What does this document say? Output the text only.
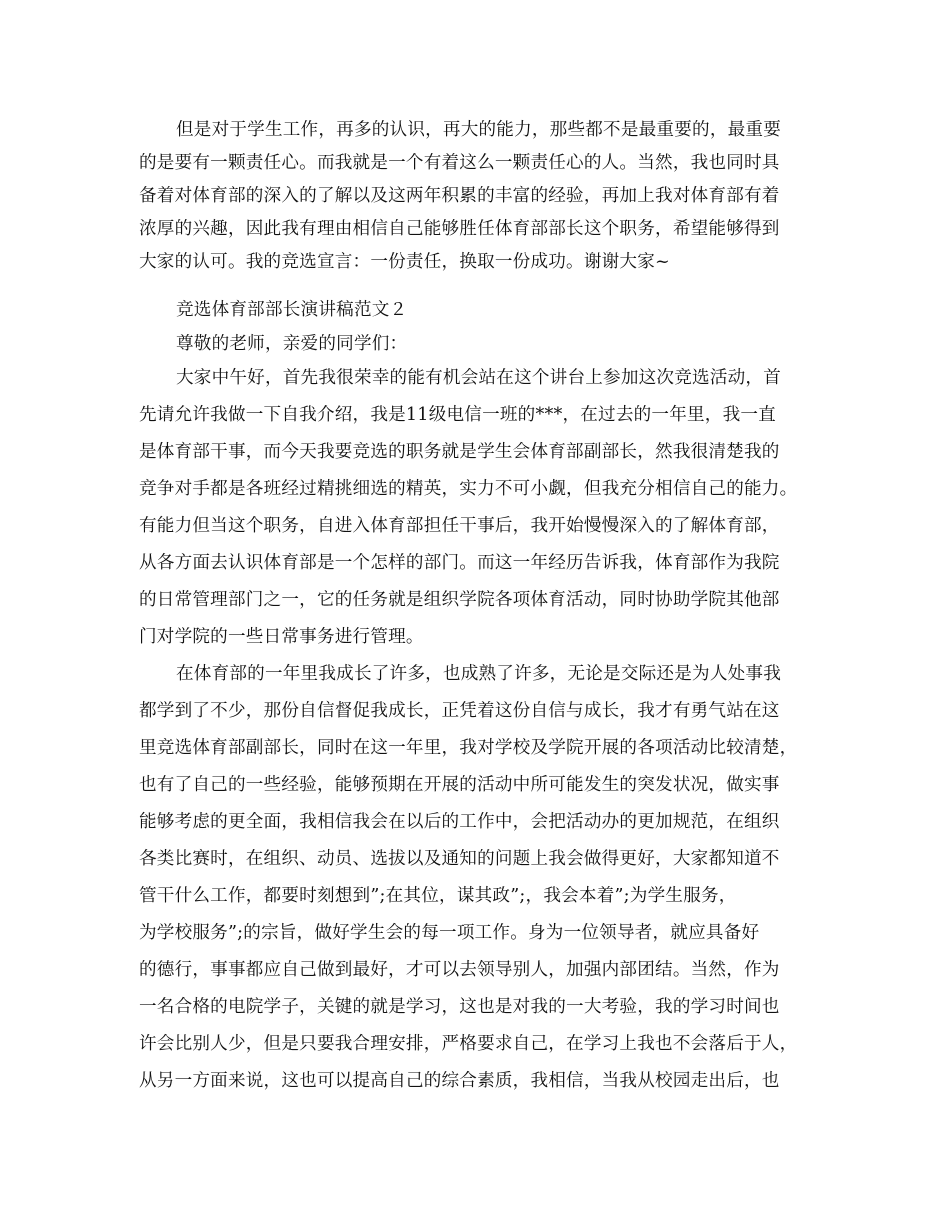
但是对于学生工作，再多的认识，再大的能力，那些都不是最重要的，最重要
的是要有一颗责任心。而我就是一个有着这么一颗责任心的人。当然，我也同时具
备着对体育部的深入的了解以及这两年积累的丰富的经验，再加上我对体育部有着
浓厚的兴趣，因此我有理由相信自己能够胜任体育部部长这个职务，希望能够得到
大家的认可。我的竞选宣言：一份责任，换取一份成功。谢谢大家~
竞选体育部部长演讲稿范文２
尊敬的老师，亲爱的同学们：
大家中午好，首先我很荣幸的能有机会站在这个讲台上参加这次竞选活动，首
先请允许我做一下自我介绍，我是11级电信一班的***，在过去的一年里，我一直
是体育部干事，而今天我要竞选的职务就是学生会体育部副部长，然我很清楚我的
竞争对手都是各班经过精挑细选的精英，实力不可小觑，但我充分相信自己的能力。
有能力但当这个职务，自进入体育部担任干事后，我开始慢慢深入的了解体育部，
从各方面去认识体育部是一个怎样的部门。而这一年经历告诉我，体育部作为我院
的日常管理部门之一，它的任务就是组织学院各项体育活动，同时协助学院其他部
门对学院的一些日常事务进行管理。
在体育部的一年里我成长了许多，也成熟了许多，无论是交际还是为人处事我
都学到了不少，那份自信督促我成长，正凭着这份自信与成长，我才有勇气站在这
里竞选体育部副部长，同时在这一年里，我对学校及学院开展的各项活动比较清楚，
也有了自己的一些经验，能够预期在开展的活动中所可能发生的突发状况，做实事
能够考虑的更全面，我相信我会在以后的工作中，会把活动办的更加规范，在组织
各类比赛时，在组织、动员、选拔以及通知的问题上我会做得更好，大家都知道不
管干什么工作，都要时刻想到”;在其位，谋其政”;，我会本着”;为学生服务，
为学校服务”;的宗旨，做好学生会的每一项工作。身为一位领导者，就应具备好
的德行，事事都应自己做到最好，才可以去领导别人，加强内部团结。当然，作为
一名合格的电院学子，关键的就是学习，这也是对我的一大考验，我的学习时间也
许会比别人少，但是只要我合理安排，严格要求自己，在学习上我也不会落后于人，
从另一方面来说，这也可以提高自己的综合素质，我相信，当我从校园走出后，也
